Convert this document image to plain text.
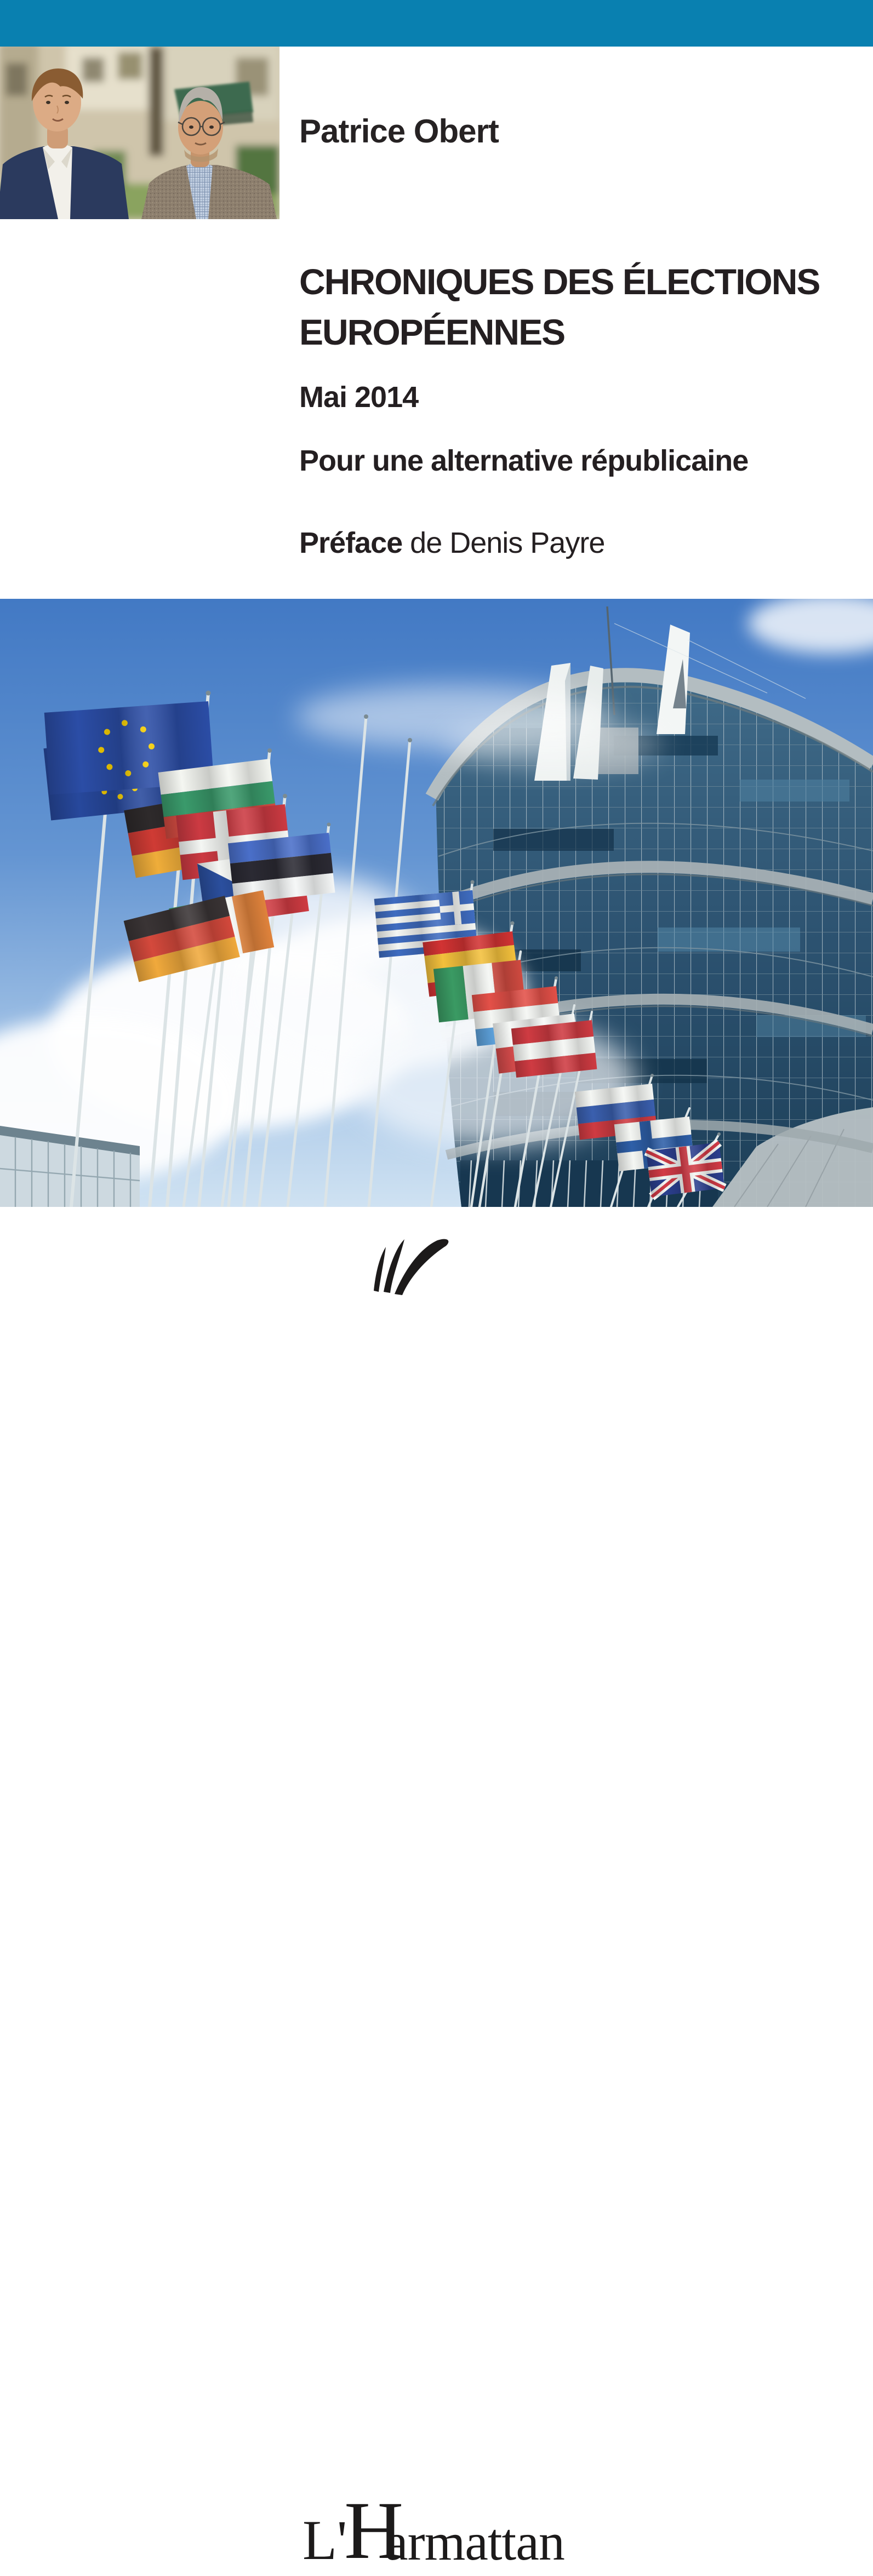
Patrice Obert
CHRONIQUES DES ÉLECTIONS
EUROPÉENNES
Mai 2014
Pour une alternative républicaine
Préface de Denis Payre
L'
H
armattan
